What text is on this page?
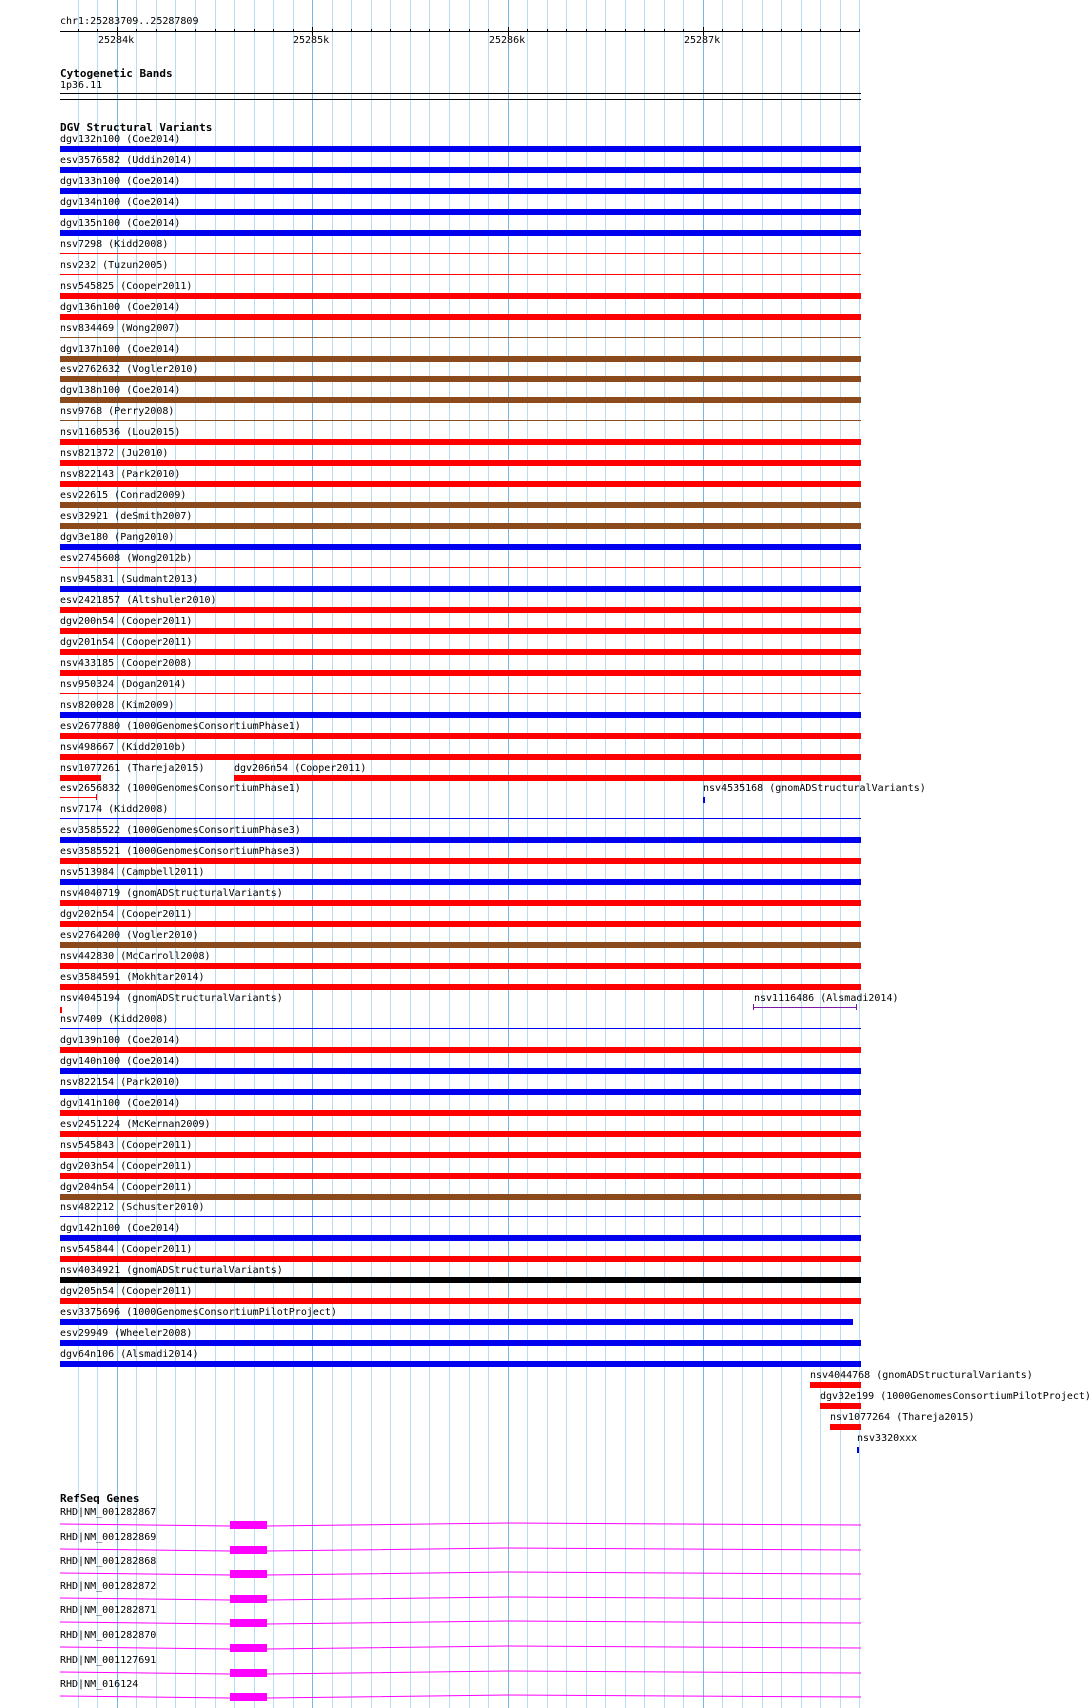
chr1:25283709..25287809
25284k	25285k	25286k	25287k
Cytogenetic Bands
1p36.11
DGV Structural Variants
dgv132n100 (Coe2014)
esv3576582 (Uddin2014)
dgv133n100 (Coe2014)
dgv134n100 (Coe2014)
dgv135n100 (Coe2014)
nsv7298 (Kidd2008)
nsv232 (Tuzun2005)
nsv545825 (Cooper2011)
dgv136n100 (Coe2014)
nsv834469 (Wong2007)
dgv137n100 (Coe2014)
esv2762632 (Vogler2010)
dgv138n100 (Coe2014)
nsv9768 (Perry2008)
nsv1160536 (Lou2015)
nsv821372 (Ju2010)
nsv822143 (Park2010)
esv22615 (Conrad2009)
esv32921 (deSmith2007)
dgv3e180 (Pang2010)
esv2745608 (Wong2012b)
nsv945831 (Sudmant2013)
esv2421857 (Altshuler2010)
dgv200n54 (Cooper2011)
dgv201n54 (Cooper2011)
nsv433185 (Cooper2008)
nsv950324 (Dogan2014)
nsv820028 (Kim2009)
esv2677880 (1000GenomesConsortiumPhase1)
nsv498667 (Kidd2010b)
nsv1077261 (Thareja2015)	dgv206n54 (Cooper2011)
esv2656832 (1000GenomesConsortiumPhase1)	nsv4535168 (gnomADStructuralVariants)
nsv7174 (Kidd2008)
esv3585522 (1000GenomesConsortiumPhase3)
esv3585521 (1000GenomesConsortiumPhase3)
nsv513984 (Campbell2011)
nsv4040719 (gnomADStructuralVariants)
dgv202n54 (Cooper2011)
esv2764200 (Vogler2010)
nsv442830 (McCarroll2008)
esv3584591 (Mokhtar2014)
nsv4045194 (gnomADStructuralVariants)	nsv1116486 (Alsmadi2014)
nsv7409 (Kidd2008)
dgv139n100 (Coe2014)
dgv140n100 (Coe2014)
nsv822154 (Park2010)
dgv141n100 (Coe2014)
esv2451224 (McKernan2009)
nsv545843 (Cooper2011)
dgv203n54 (Cooper2011)
dgv204n54 (Cooper2011)
nsv482212 (Schuster2010)
dgv142n100 (Coe2014)
nsv545844 (Cooper2011)
nsv4034921 (gnomADStructuralVariants)
dgv205n54 (Cooper2011)
esv3375696 (1000GenomesConsortiumPilotProject)
esv29949 (Wheeler2008)
dgv64n106 (Alsmadi2014)
nsv4044768 (gnomADStructuralVariants)
dgv32e199 (1000GenomesConsortiumPilotProject)
nsv1077264 (Thareja2015)
nsv3320xxx
RefSeq Genes
RHD|NM_001282867
RHD|NM_001282869
RHD|NM_001282868
RHD|NM_001282872
RHD|NM_001282871
RHD|NM_001282870
RHD|NM_001127691
RHD|NM_016124
